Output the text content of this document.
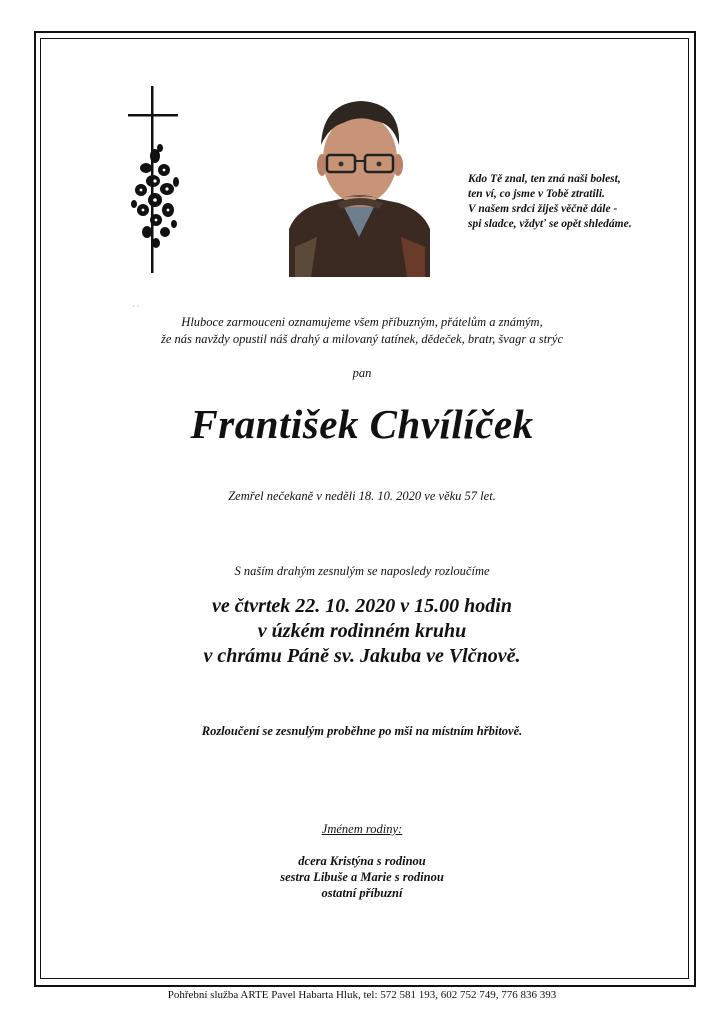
Kdo Tě znal, ten zná naši bolest,
ten ví, co jsme v Tobě ztratili.
V našem srdci žiješ věčně dále -
spi sladce, vždyť se opět shledáme.
· ·
Hluboce zarmouceni oznamujeme všem příbuzným, přátelům a známým,
že nás navždy opustil náš drahý a milovaný tatínek, dědeček, bratr, švagr a strýc
pan
František Chvílíček
Zemřel nečekaně v neděli 18. 10. 2020 ve věku 57 let.
S naším drahým zesnulým se naposledy rozloučíme
ve čtvrtek 22. 10. 2020 v 15.00 hodin
v úzkém rodinném kruhu
v chrámu Páně sv. Jakuba ve Vlčnově.
Rozloučení se zesnulým proběhne po mši na místním hřbitově.
Jménem rodiny:
dcera Kristýna s rodinou
sestra Libuše a Marie s rodinou
ostatní příbuzní
Pohřební služba ARTE Pavel Habarta Hluk, tel: 572 581 193, 602 752 749, 776 836 393
